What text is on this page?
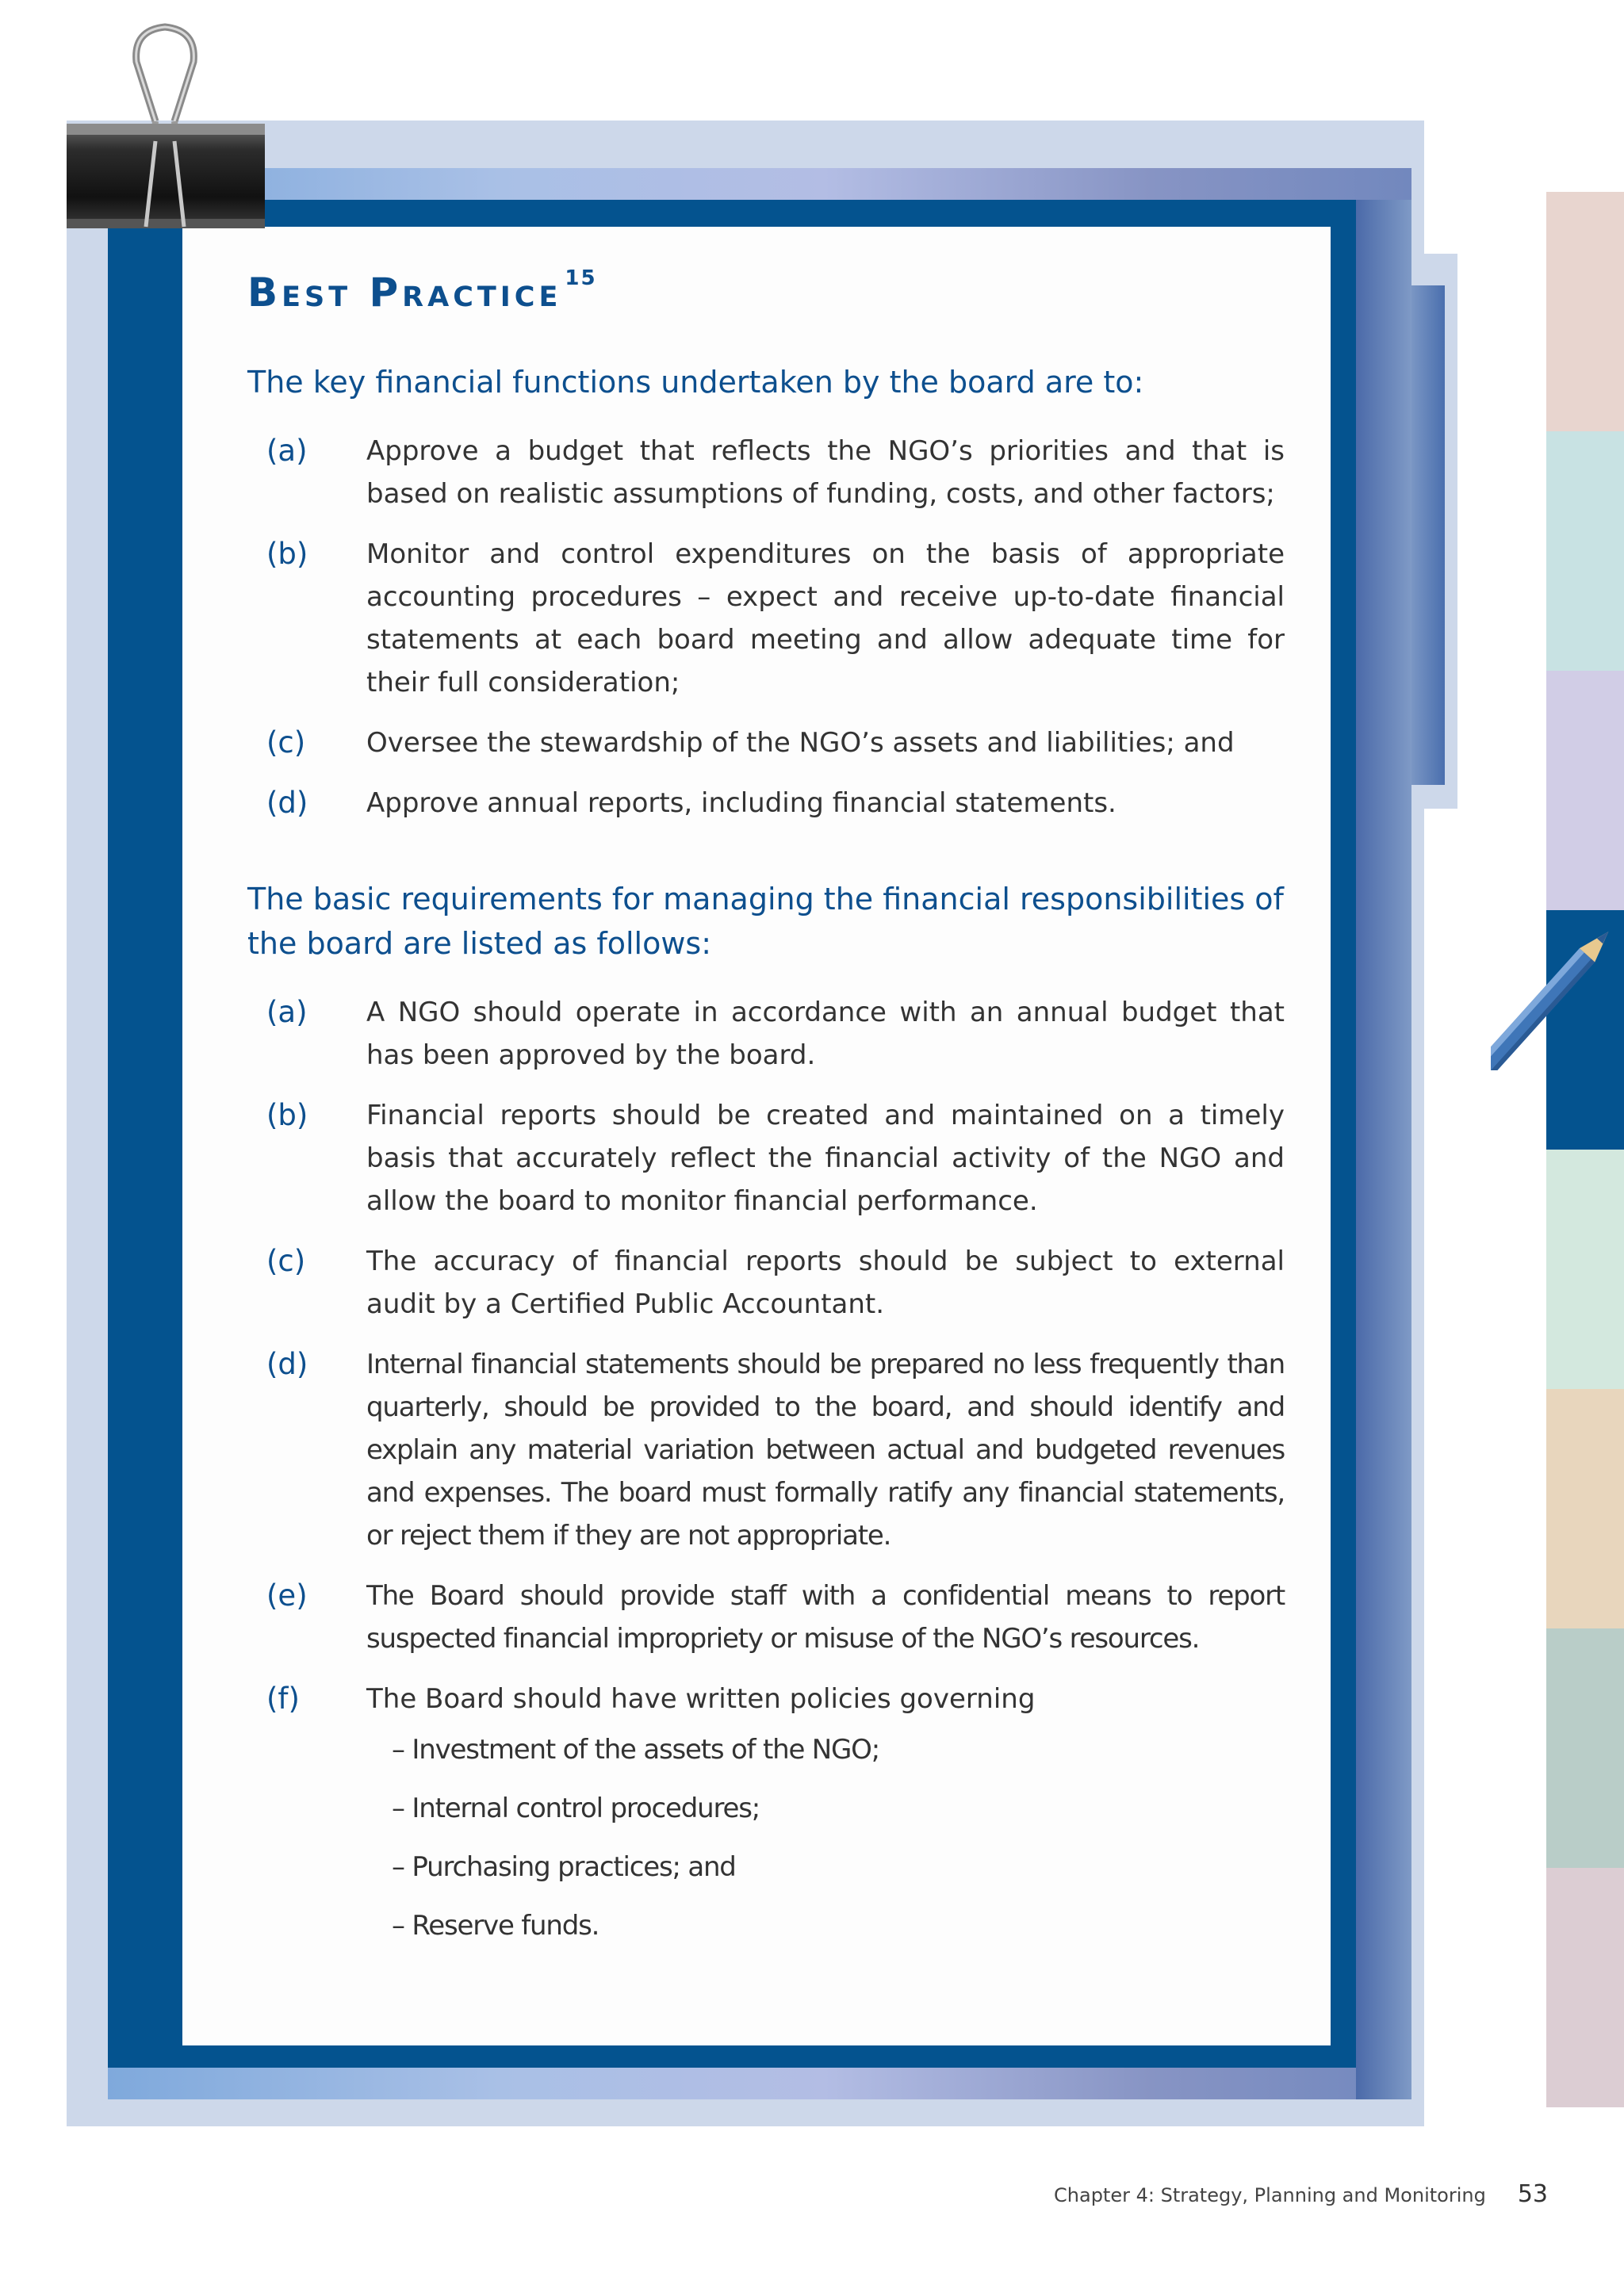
Best Practice $^{15}$
The key financial functions undertaken by the board are to:
(a)	Approve a budget that reflects the NGO’s priorities and that is based on realistic assumptions of funding, costs, and other factors;
(b)	Monitor and control expenditures on the basis of appropriate accounting procedures – expect and receive up-to-date financial statements at each board meeting and allow adequate time for their full consideration;
(c)	Oversee the stewardship of the NGO’s assets and liabilities; and
(d)	Approve annual reports, including financial statements.
The basic requirements for managing the financial responsibilities of the board are listed as follows:
(a)	A NGO should operate in accordance with an annual budget that has been approved by the board.
(b)	Financial reports should be created and maintained on a timely basis that accurately reflect the financial activity of the NGO and allow the board to monitor financial performance.
(c)	The accuracy of financial reports should be subject to external audit by a Certified Public Accountant.
(d)	Internal financial statements should be prepared no less frequently than quarterly, should be provided to the board, and should identify and explain any material variation between actual and budgeted revenues and expenses. The board must formally ratify any financial statements, or reject them if they are not appropriate.
(e)	The Board should provide staff with a confidential means to report suspected financial impropriety or misuse of the NGO’s resources.
(f)	The Board should have written policies governing
– Investment of the assets of the NGO;
– Internal control procedures;
– Purchasing practices; and
– Reserve funds.
Chapter 4: Strategy, Planning and Monitoring 53
